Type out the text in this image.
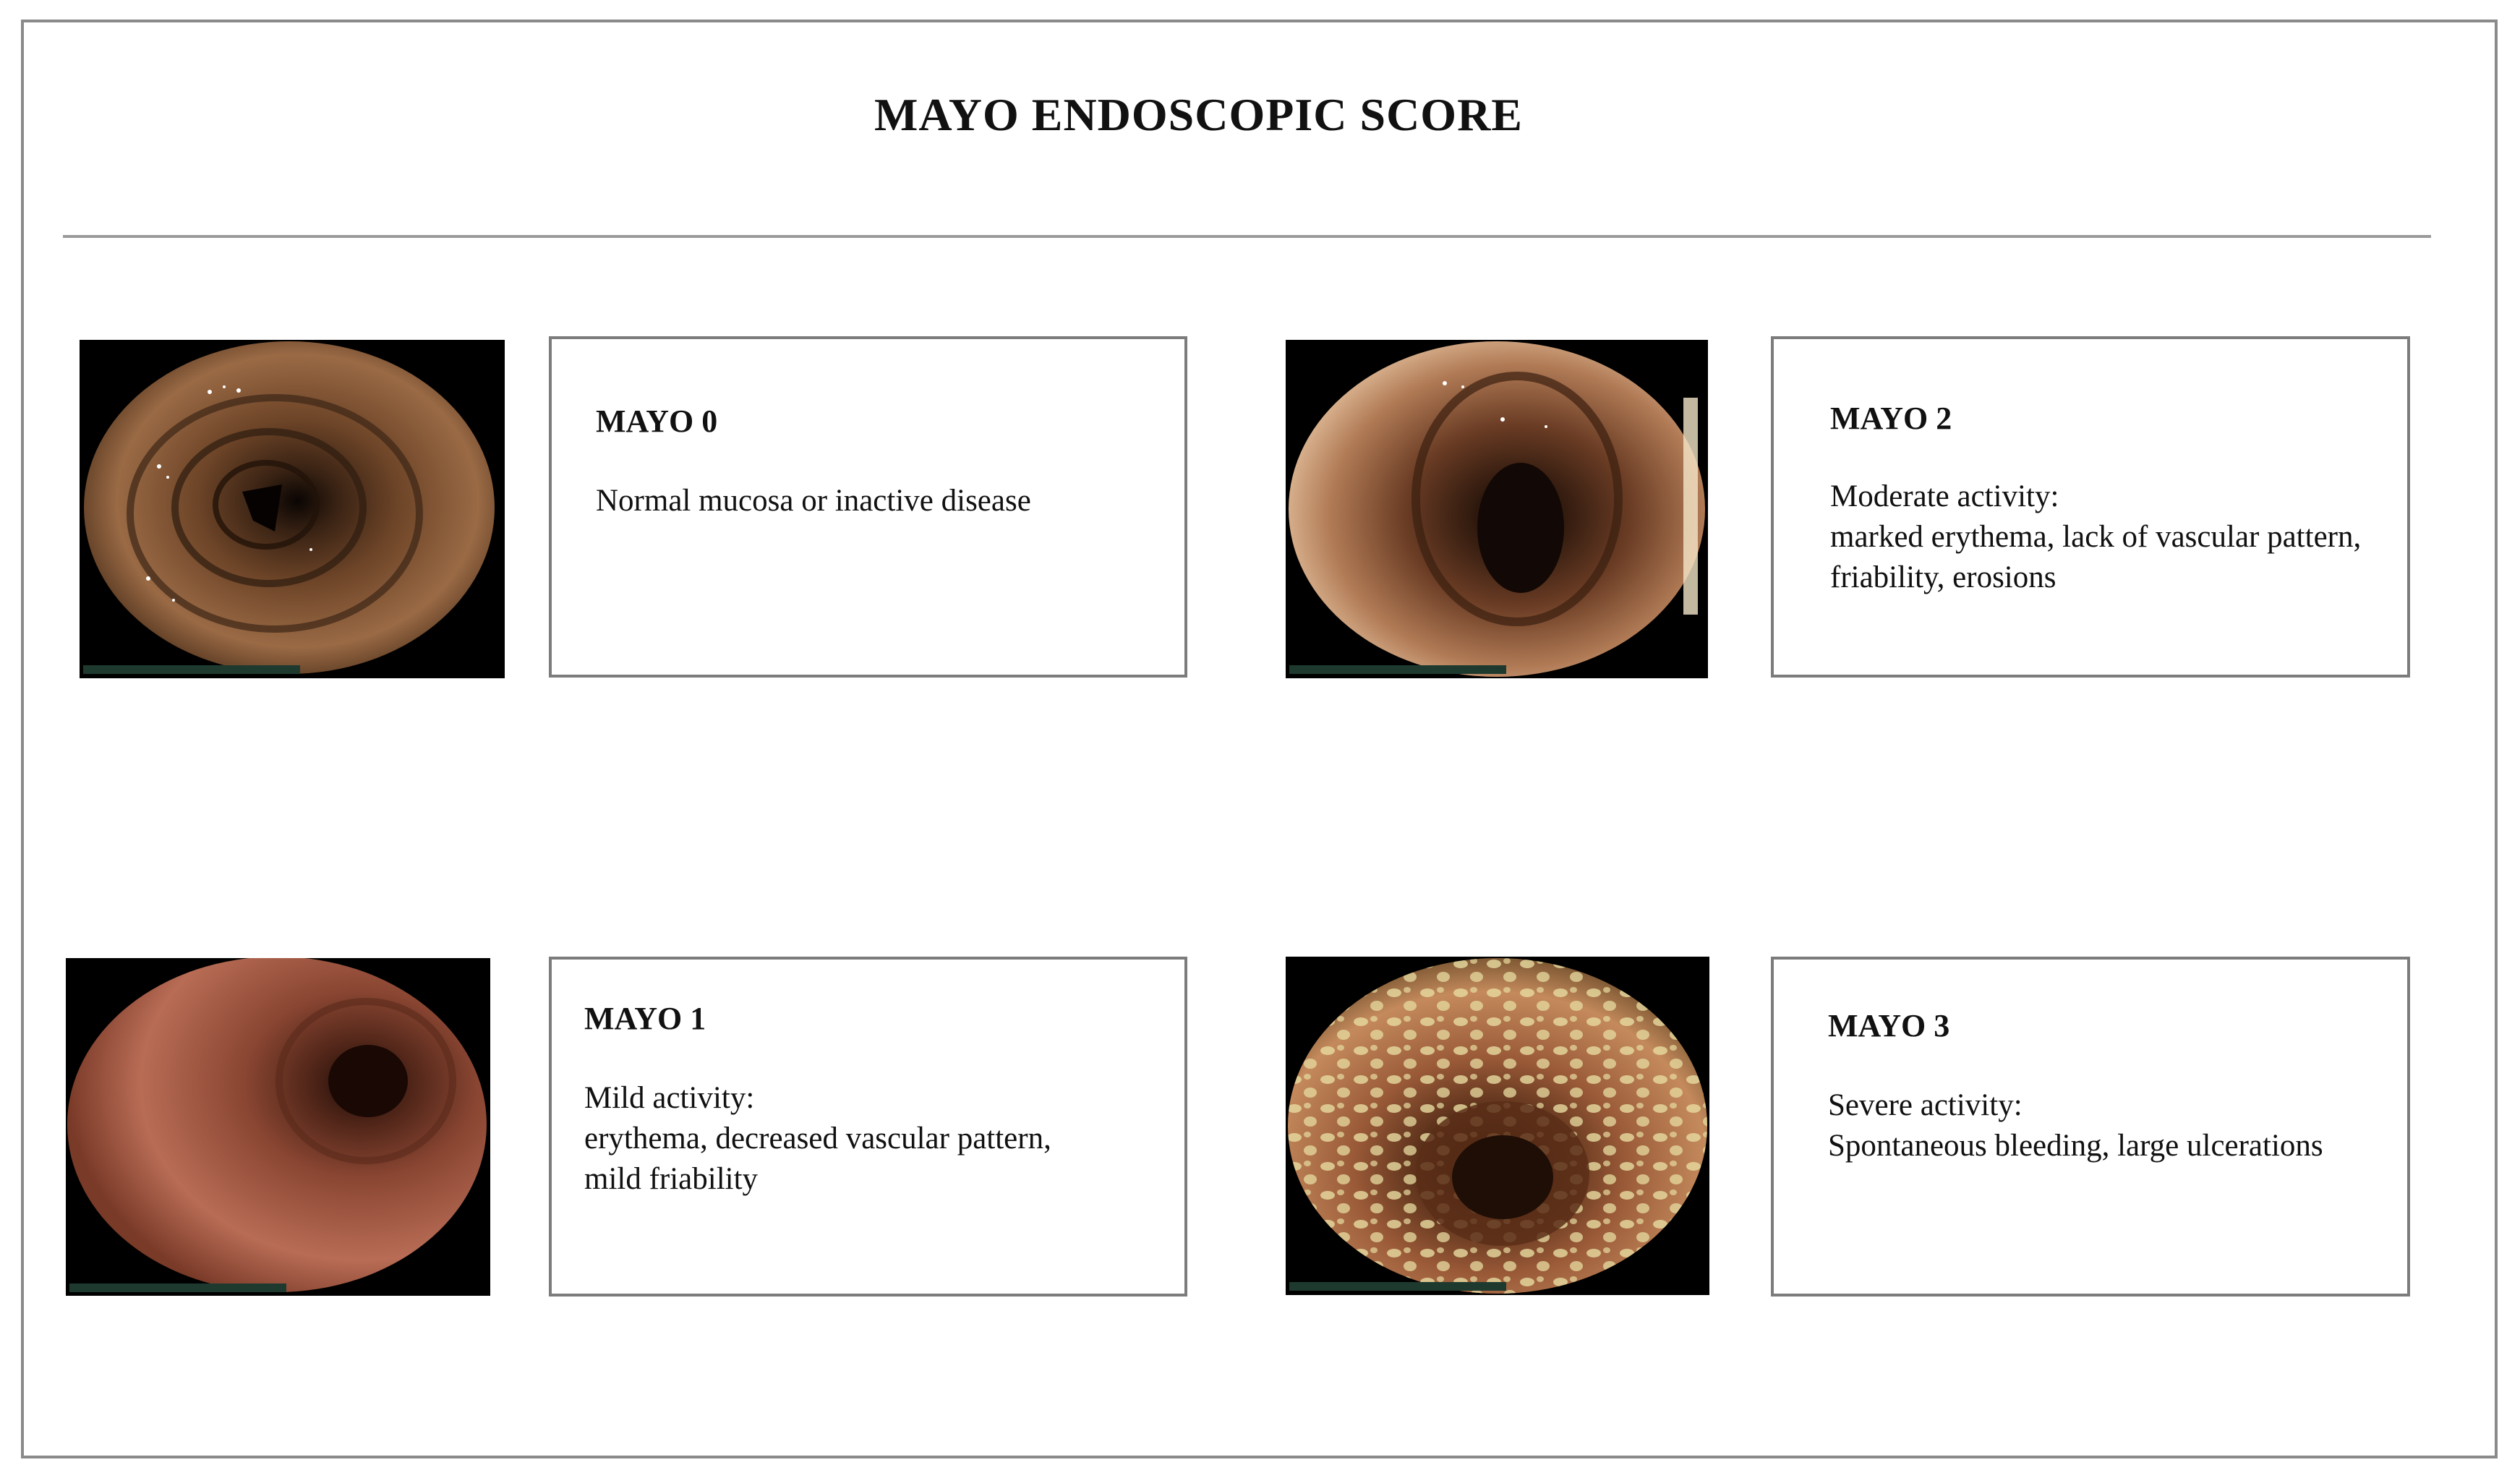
MAYO ENDOSCOPIC SCORE
MAYO 0
Normal mucosa or inactive disease
MAYO 2
Moderate activity:
marked erythema, lack of vascular pattern,
friability, erosions
MAYO 1
Mild activity:
erythema, decreased vascular pattern,
mild friability
MAYO 3
Severe activity:
Spontaneous bleeding, large ulcerations
